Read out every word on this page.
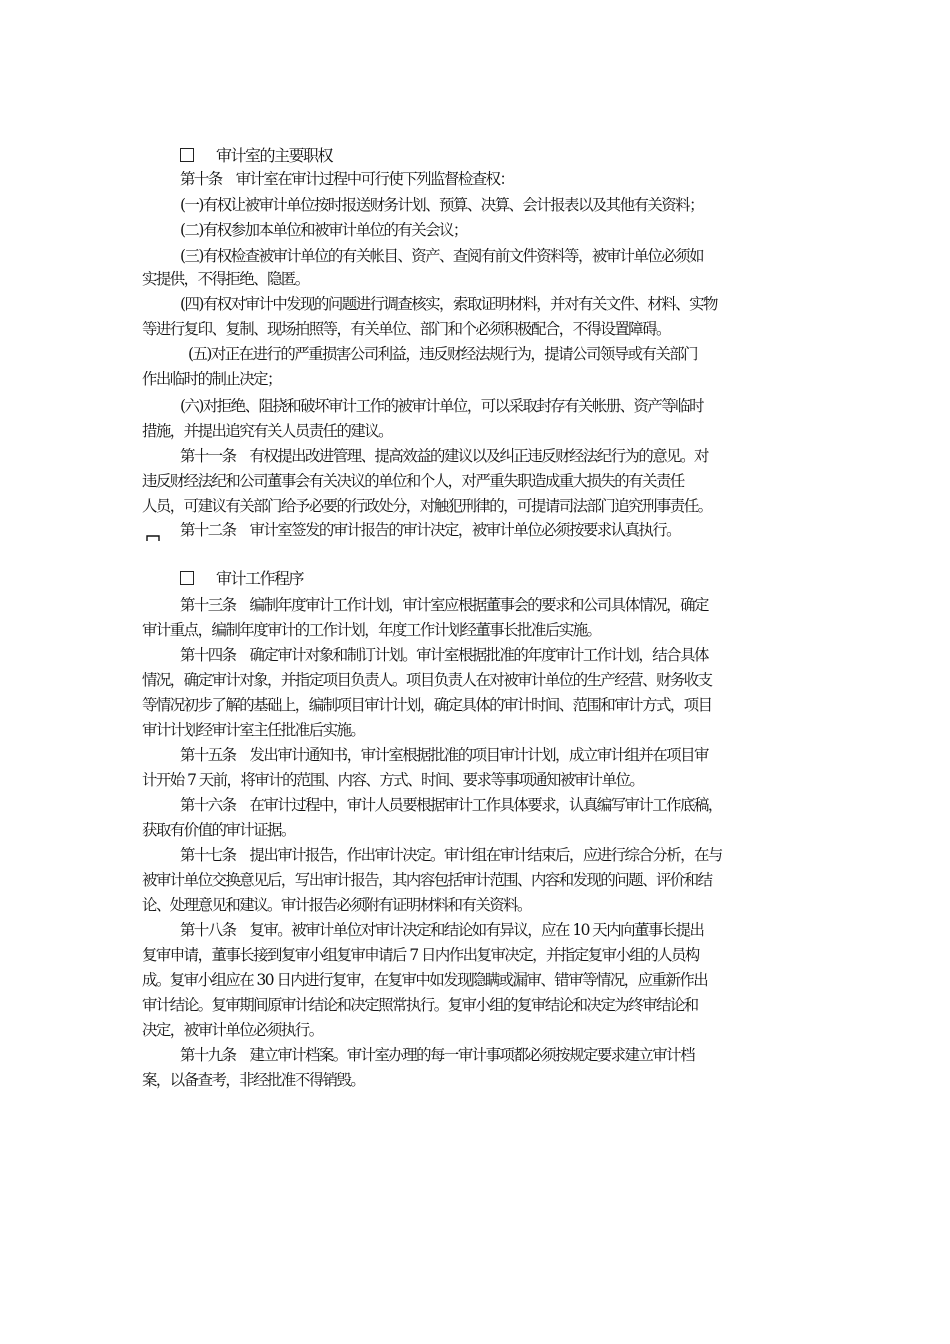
审计室的主要职权
第十条　审计室在审计过程中可行使下列监督检查权：
(一)有权让被审计单位按时报送财务计划、预算、决算、会计报表以及其他有关资料；
(二)有权参加本单位和被审计单位的有关会议；
(三)有权检查被审计单位的有关帐目、资产、查阅有前文件资料等，被审计单位必须如
实提供，不得拒绝、隐匿。
(四)有权对审计中发现的问题进行调查核实，索取证明材料，并对有关文件、材料、实物
等进行复印、复制、现场拍照等，有关单位、部门和个必须积极配合，不得设置障碍。
(五)对正在进行的严重损害公司利益，违反财经法规行为，提请公司领导或有关部门
作出临时的制止决定；
(六)对拒绝、阻挠和破坏审计工作的被审计单位，可以采取封存有关帐册、资产等临时
措施，并提出追究有关人员责任的建议。
第十一条　有权提出改进管理、提高效益的建议以及纠正违反财经法纪行为的意见。对
违反财经法纪和公司董事会有关决议的单位和个人，对严重失职造成重大损失的有关责任
人员，可建议有关部门给予必要的行政处分，对触犯刑律的，可提请司法部门追究刑事责任。
第十二条　审计室签发的审计报告的审计决定，被审计单位必须按要求认真执行。
审计工作程序
第十三条　编制年度审计工作计划，审计室应根据董事会的要求和公司具体情况，确定
审计重点，编制年度审计的工作计划，年度工作计划经董事长批准后实施。
第十四条　确定审计对象和制订计划。审计室根据批准的年度审计工作计划，结合具体
情况，确定审计对象，并指定项目负责人。项目负责人在对被审计单位的生产经营、财务收支
等情况初步了解的基础上，编制项目审计计划，确定具体的审计时间、范围和审计方式，项目
审计计划经审计室主任批准后实施。
第十五条　发出审计通知书，审计室根据批准的项目审计计划，成立审计组并在项目审
计开始 7 天前，将审计的范围、内容、方式、时间、要求等事项通知被审计单位。
第十六条　在审计过程中，审计人员要根据审计工作具体要求，认真编写审计工作底稿，
获取有价值的审计证据。
第十七条　提出审计报告，作出审计决定。审计组在审计结束后，应进行综合分析，在与
被审计单位交换意见后，写出审计报告，其内容包括审计范围、内容和发现的问题、评价和结
论、处理意见和建议。审计报告必须附有证明材料和有关资料。
第十八条　复审。被审计单位对审计决定和结论如有异议，应在 10 天内向董事长提出
复审申请，董事长接到复审小组复审申请后 7 日内作出复审决定，并指定复审小组的人员构
成。复审小组应在 30 日内进行复审，在复审中如发现隐瞒或漏审、错审等情况，应重新作出
审计结论。复审期间原审计结论和决定照常执行。复审小组的复审结论和决定为终审结论和
决定，被审计单位必须执行。
第十九条　建立审计档案。审计室办理的每一审计事项都必须按规定要求建立审计档
案，以备查考，非经批准不得销毁。
